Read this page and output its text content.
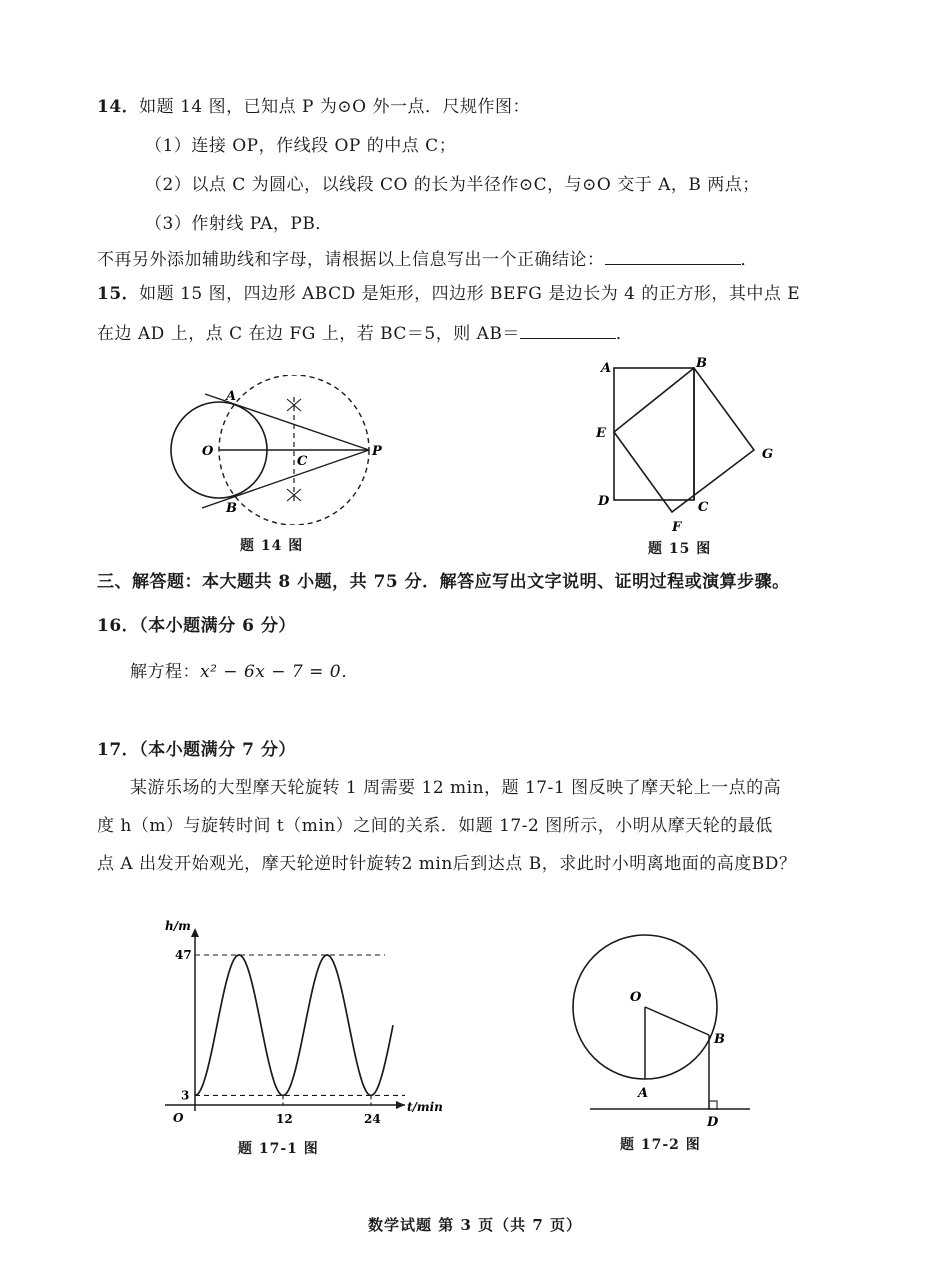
14．如题 14 图，已知点 P 为⊙O 外一点．尺规作图：
（1）连接 OP，作线段 OP 的中点 C；
（2）以点 C 为圆心，以线段 CO 的长为半径作⊙C，与⊙O 交于 A，B 两点；
（3）作射线 PA，PB．
不再另外添加辅助线和字母，请根据以上信息写出一个正确结论：	．
15．如题 15 图，四边形 ABCD 是矩形，四边形 BEFG 是边长为 4 的正方形，其中点 E
在边 AD 上，点 C 在边 FG 上，若 BC＝5，则 AB＝	．
A
B
O
C
P
题 14 图
A	B
E
G
D	C
F
题 15 图
三、解答题：本大题共 8 小题，共 75 分．解答应写出文字说明、证明过程或演算步骤。
16．（本小题满分 6 分）
解方程：x² − 6x − 7 = 0．
17．（本小题满分 7 分）
某游乐场的大型摩天轮旋转 1 周需要 12 min，题 17-1 图反映了摩天轮上一点的高
度 h（m）与旋转时间 t（min）之间的关系．如题 17-2 图所示，小明从摩天轮的最低
点 A 出发开始观光，摩天轮逆时针旋转2 min后到达点 B，求此时小明离地面的高度BD？
h/m
t/min
O
47
3
12	24
题 17-1 图
O
B
A
D
题 17-2 图
数学试题 第 3 页（共 7 页）
